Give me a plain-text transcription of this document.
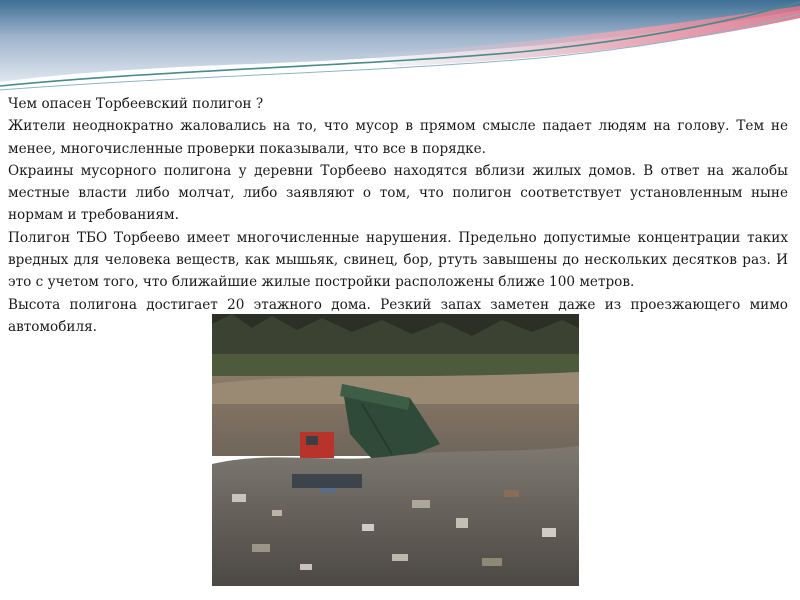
Чем опасен Торбеевский полигон ?

Жители неоднократно жаловались на то, что мусор в прямом смысле падает людям на голову. Тем не менее, многочисленные проверки показывали, что все в порядке.

Окраины мусорного полигона у деревни Торбеево находятся вблизи жилых домов. В ответ на жалобы местные власти либо молчат, либо заявляют о том, что полигон соответствует установленным ныне нормам и требованиям.

Полигон ТБО Торбеево имеет многочисленные нарушения. Предельно допустимые концентрации таких вредных для человека веществ, как мышьяк, свинец, бор, ртуть завышены до нескольких десятков раз. И это с учетом того, что ближайшие жилые постройки расположены ближе 100 метров.

Высота полигона достигает 20 этажного дома. Резкий запах заметен даже из проезжающего мимо автомобиля.
